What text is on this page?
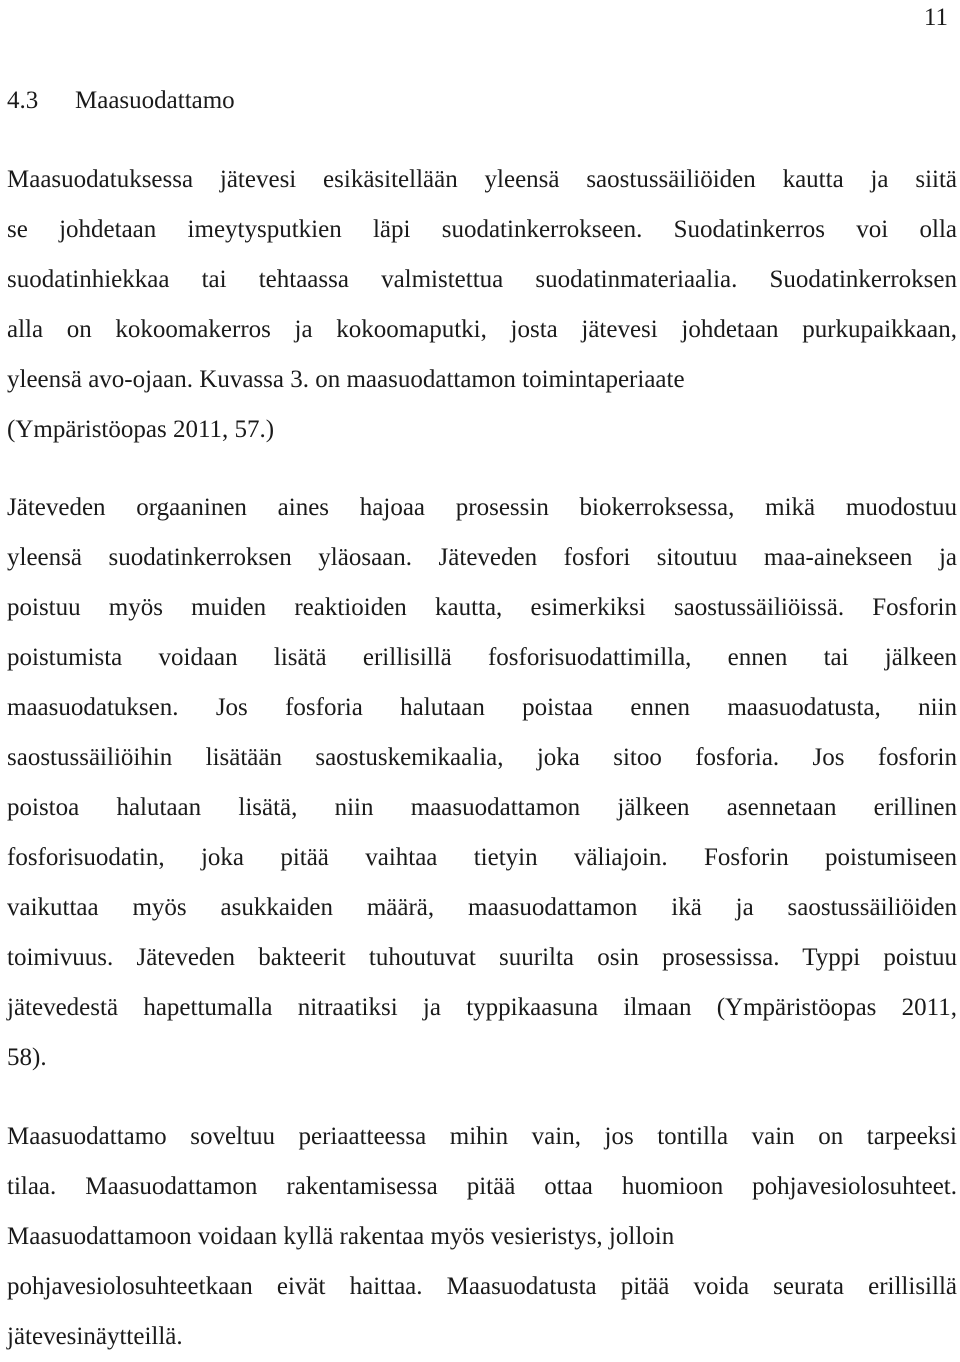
11
4.3 Maasuodattamo
Maasuodatuksessa jätevesi esikäsitellään yleensä saostussäiliöiden kautta ja siitä
se johdetaan imeytysputkien läpi suodatinkerrokseen. Suodatinkerros voi olla
suodatinhiekkaa tai tehtaassa valmistettua suodatinmateriaalia. Suodatinkerroksen
alla on kokoomakerros ja kokoomaputki, josta jätevesi johdetaan purkupaikkaan,
yleensä avo-ojaan. Kuvassa 3. on maasuodattamon toimintaperiaate
(Ympäristöopas 2011, 57.)
Jäteveden orgaaninen aines hajoaa prosessin biokerroksessa, mikä muodostuu
yleensä suodatinkerroksen yläosaan. Jäteveden fosfori sitoutuu maa-ainekseen ja
poistuu myös muiden reaktioiden kautta, esimerkiksi saostussäiliöissä. Fosforin
poistumista voidaan lisätä erillisillä fosforisuodattimilla, ennen tai jälkeen
maasuodatuksen. Jos fosforia halutaan poistaa ennen maasuodatusta, niin
saostussäiliöihin lisätään saostuskemikaalia, joka sitoo fosforia. Jos fosforin
poistoa halutaan lisätä, niin maasuodattamon jälkeen asennetaan erillinen
fosforisuodatin, joka pitää vaihtaa tietyin väliajoin. Fosforin poistumiseen
vaikuttaa myös asukkaiden määrä, maasuodattamon ikä ja saostussäiliöiden
toimivuus. Jäteveden bakteerit tuhoutuvat suurilta osin prosessissa. Typpi poistuu
jätevedestä hapettumalla nitraatiksi ja typpikaasuna ilmaan (Ympäristöopas 2011,
58).
Maasuodattamo soveltuu periaatteessa mihin vain, jos tontilla vain on tarpeeksi
tilaa. Maasuodattamon rakentamisessa pitää ottaa huomioon pohjavesiolosuhteet.
Maasuodattamoon voidaan kyllä rakentaa myös vesieristys, jolloin
pohjavesiolosuhteetkaan eivät haittaa. Maasuodatusta pitää voida seurata erillisillä
jätevesinäytteillä.
